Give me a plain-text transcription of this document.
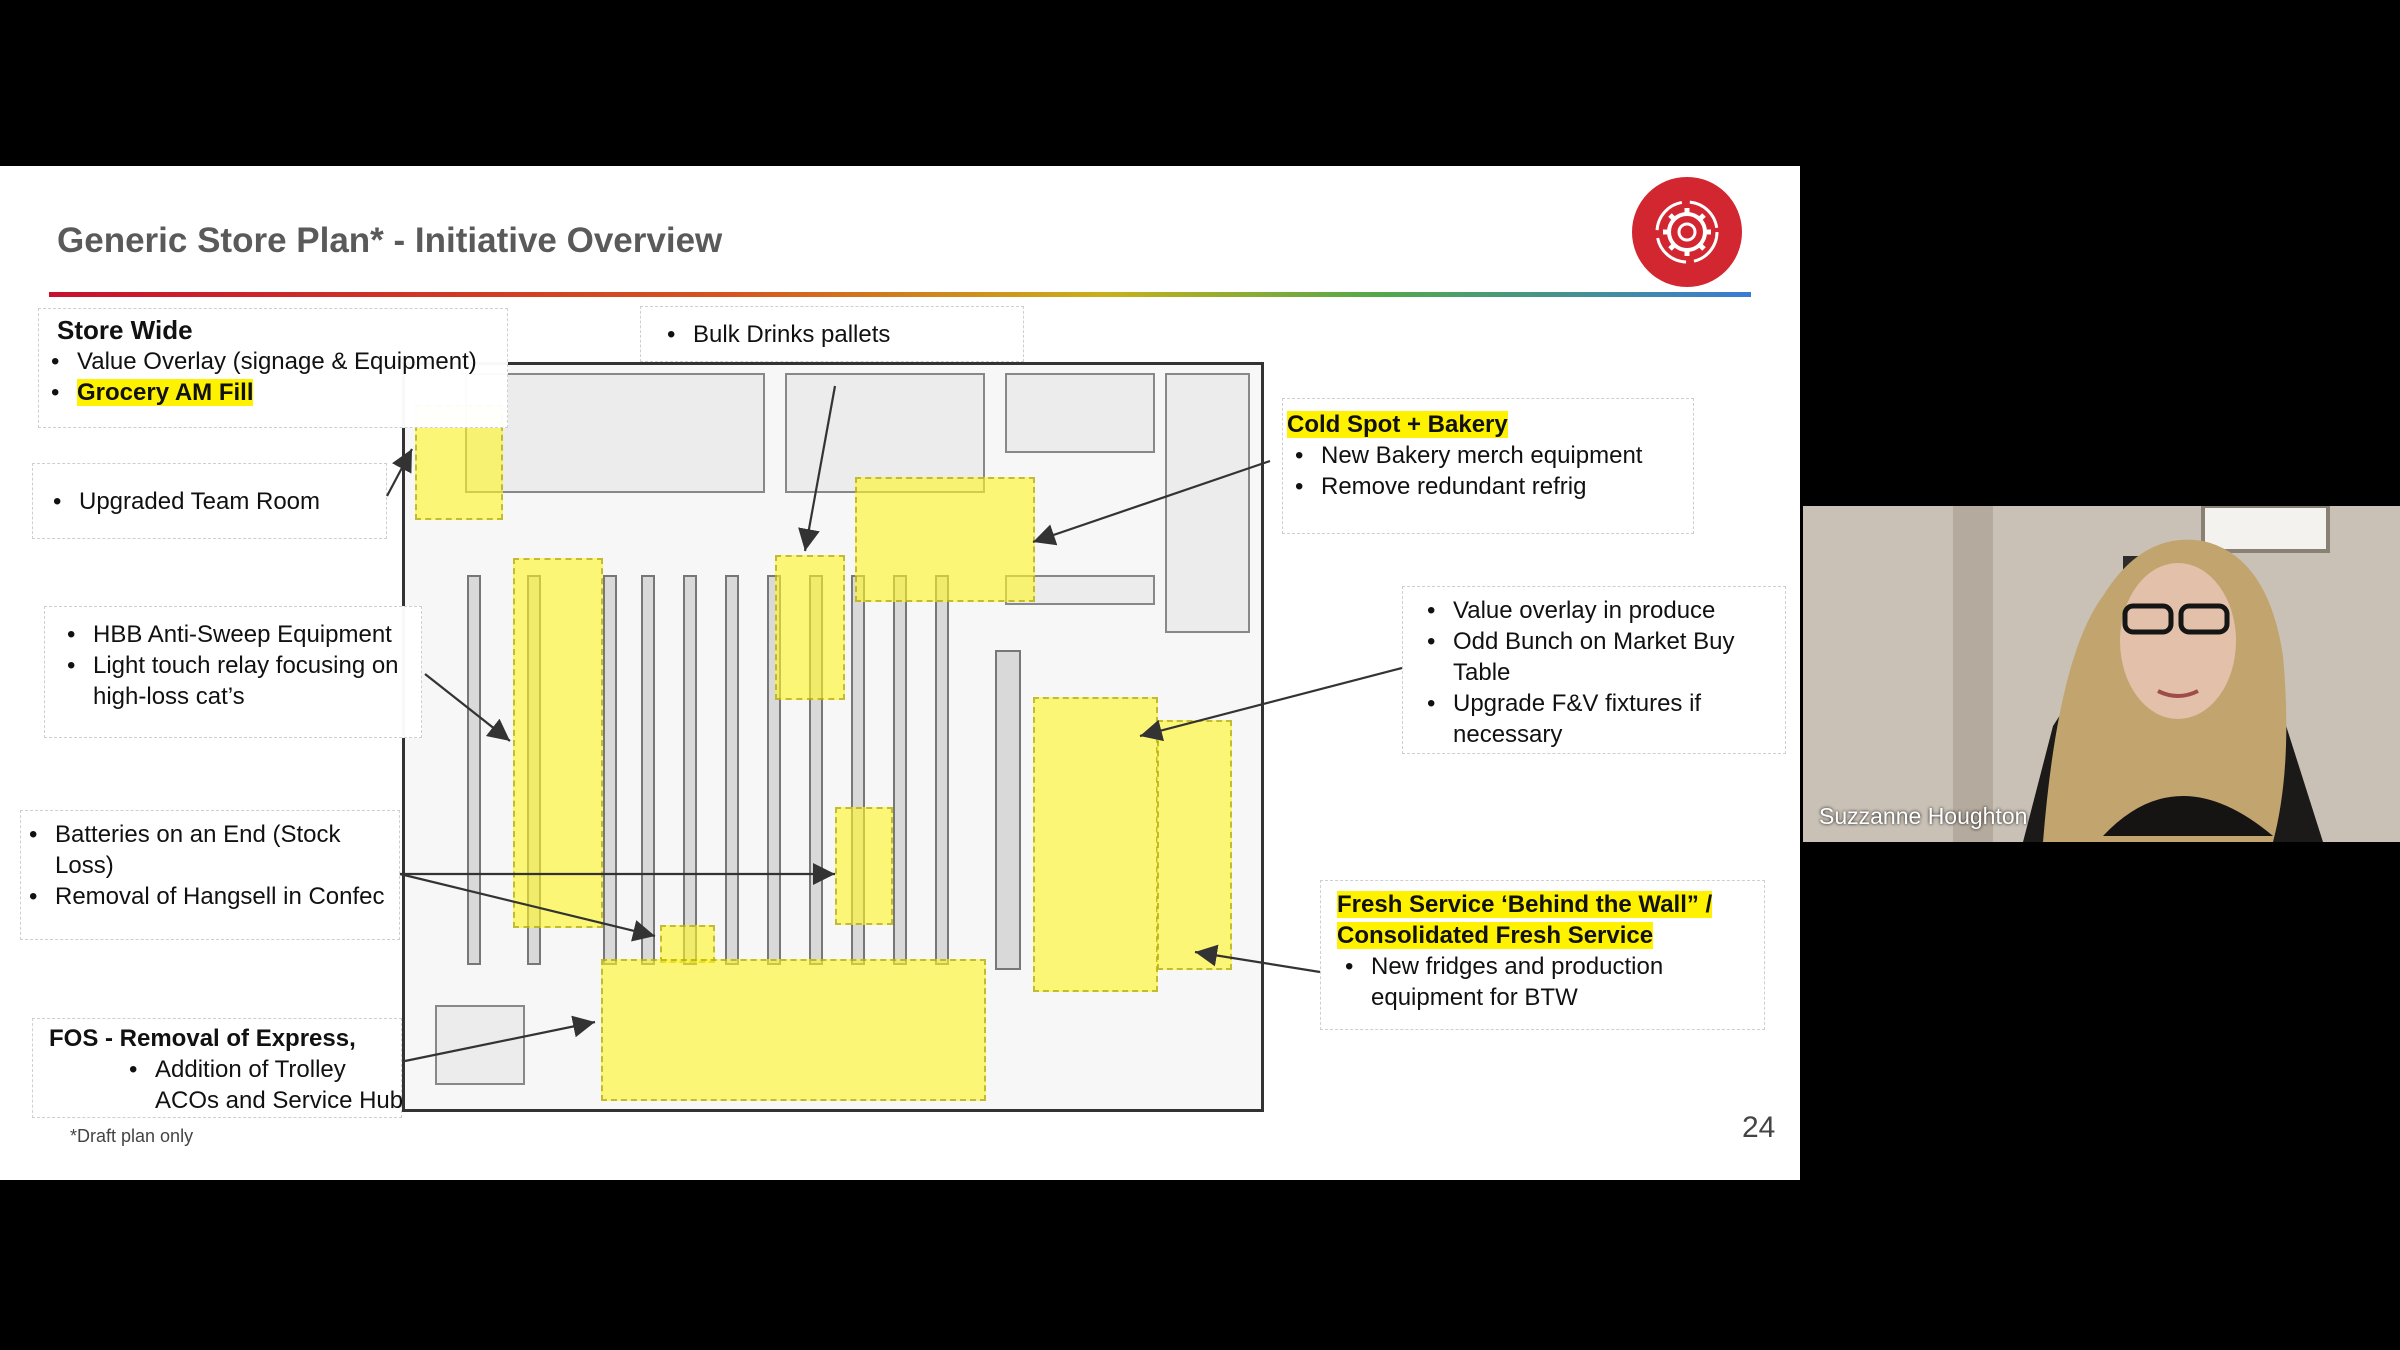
Generic Store Plan* - Initiative Overview
Store Wide
• Value Overlay (signage & Equipment)
• Grocery AM Fill
• Bulk Drinks pallets
• Upgraded Team Room
• HBB Anti-Sweep Equipment
• Light touch relay focusing on high-loss cat’s
• Batteries on an End (Stock Loss)
• Removal of Hangsell in Confec
FOS - Removal of Express,
• Addition of Trolley ACOs and Service Hub
Cold Spot + Bakery
• New Bakery merch equipment
• Remove redundant refrig
• Value overlay in produce
• Odd Bunch on Market Buy Table
• Upgrade F&V fixtures if necessary
Fresh Service ‘Behind the Wall” /
Consolidated Fresh Service
• New fridges and production equipment for BTW
*Draft plan only	24
Suzzanne Houghton
